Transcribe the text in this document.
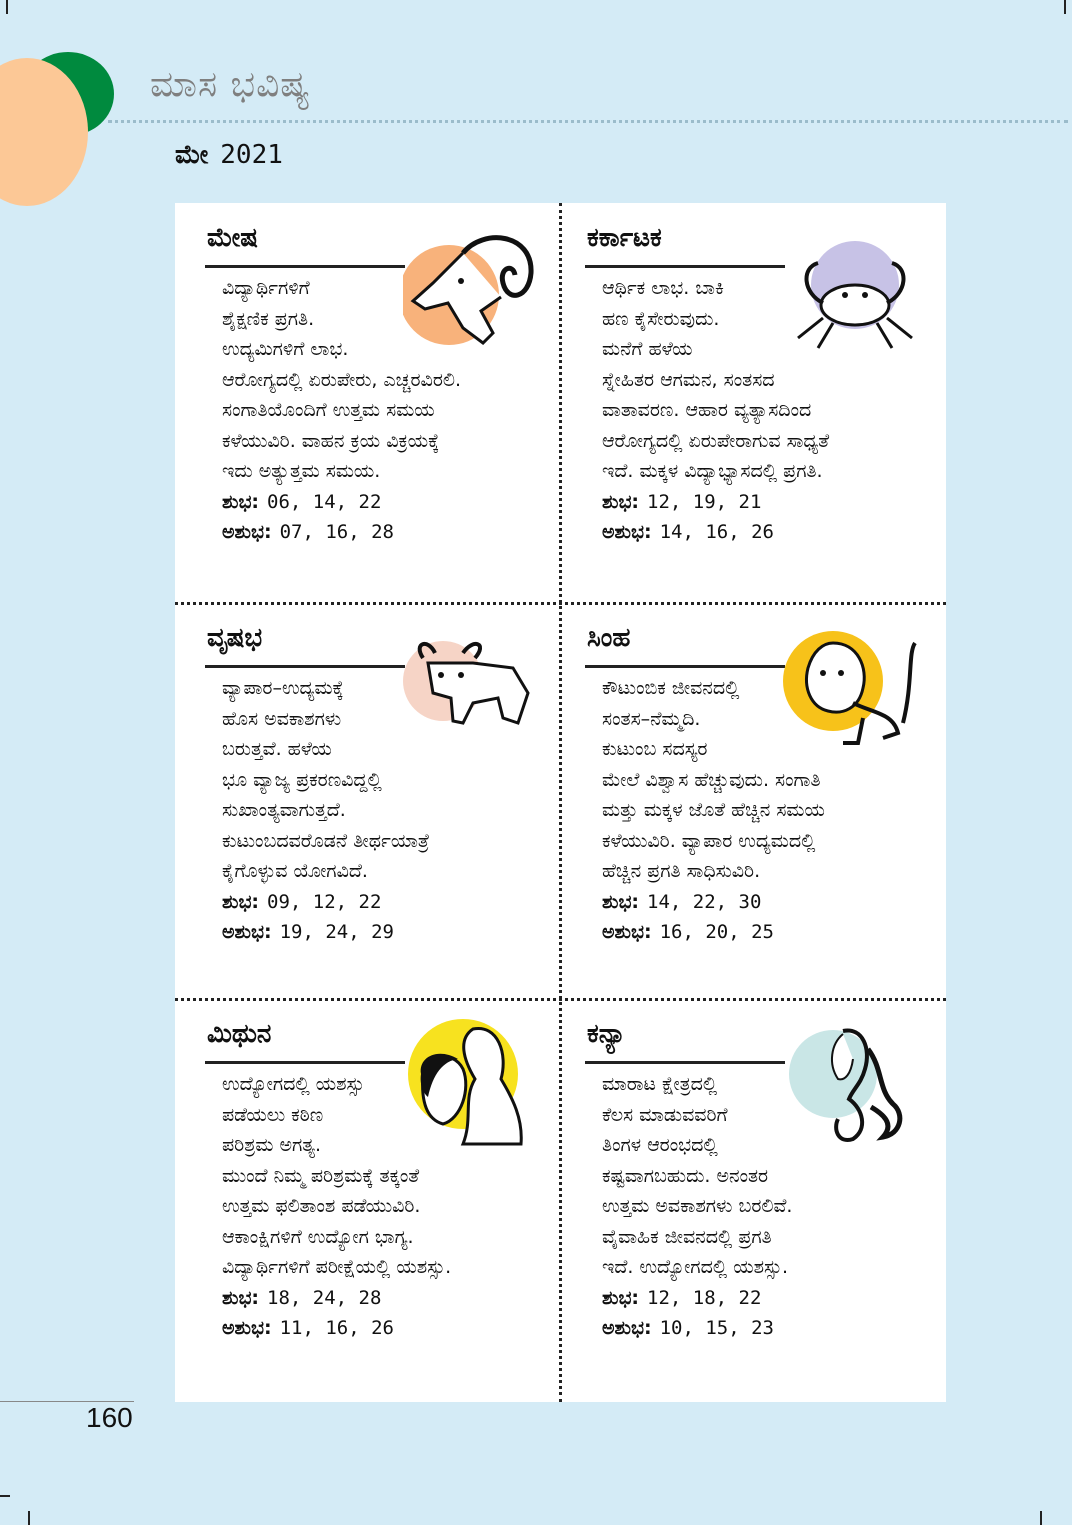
ಮಾಸ ಭವಿಷ್ಯ
ಮೇ 2021
ಮೇಷ
ವಿದ್ಯಾರ್ಥಿಗಳಿಗೆ
ಶೈಕ್ಷಣಿಕ ಪ್ರಗತಿ.
ಉದ್ಯಮಿಗಳಿಗೆ ಲಾಭ.
ಆರೋಗ್ಯದಲ್ಲಿ ಏರುಪೇರು, ಎಚ್ಚರವಿರಲಿ.
ಸಂಗಾತಿಯೊಂದಿಗೆ ಉತ್ತಮ ಸಮಯ
ಕಳೆಯುವಿರಿ. ವಾಹನ ಕ್ರಯ ವಿಕ್ರಯಕ್ಕೆ
ಇದು ಅತ್ಯುತ್ತಮ ಸಮಯ.
ಶುಭ: 06, 14, 22
ಅಶುಭ: 07, 16, 28
ಕರ್ಕಾಟಕ
ಆರ್ಥಿಕ ಲಾಭ. ಬಾಕಿ
ಹಣ ಕೈಸೇರುವುದು.
ಮನೆಗೆ ಹಳೆಯ
ಸ್ನೇಹಿತರ ಆಗಮನ, ಸಂತಸದ
ವಾತಾವರಣ. ಆಹಾರ ವ್ಯತ್ಯಾಸದಿಂದ
ಆರೋಗ್ಯದಲ್ಲಿ ಏರುಪೇರಾಗುವ ಸಾಧ್ಯತೆ
ಇದೆ. ಮಕ್ಕಳ ವಿದ್ಯಾಭ್ಯಾಸದಲ್ಲಿ ಪ್ರಗತಿ.
ಶುಭ: 12, 19, 21
ಅಶುಭ: 14, 16, 26
ವೃಷಭ
ವ್ಯಾಪಾರ–ಉದ್ಯಮಕ್ಕೆ
ಹೊಸ ಅವಕಾಶಗಳು
ಬರುತ್ತವೆ. ಹಳೆಯ
ಭೂ ವ್ಯಾಜ್ಯ ಪ್ರಕರಣವಿದ್ದಲ್ಲಿ
ಸುಖಾಂತ್ಯವಾಗುತ್ತದೆ.
ಕುಟುಂಬದವರೊಡನೆ ತೀರ್ಥಯಾತ್ರೆ
ಕೈಗೊಳ್ಳುವ ಯೋಗವಿದೆ.
ಶುಭ: 09, 12, 22
ಅಶುಭ: 19, 24, 29
ಸಿಂಹ
ಕೌಟುಂಬಿಕ ಜೀವನದಲ್ಲಿ
ಸಂತಸ–ನೆಮ್ಮದಿ.
ಕುಟುಂಬ ಸದಸ್ಯರ
ಮೇಲೆ ವಿಶ್ವಾಸ ಹೆಚ್ಚುವುದು. ಸಂಗಾತಿ
ಮತ್ತು ಮಕ್ಕಳ ಜೊತೆ ಹೆಚ್ಚಿನ ಸಮಯ
ಕಳೆಯುವಿರಿ. ವ್ಯಾಪಾರ ಉದ್ಯಮದಲ್ಲಿ
ಹೆಚ್ಚಿನ ಪ್ರಗತಿ ಸಾಧಿಸುವಿರಿ.
ಶುಭ: 14, 22, 30
ಅಶುಭ: 16, 20, 25
ಮಿಥುನ
ಉದ್ಯೋಗದಲ್ಲಿ ಯಶಸ್ಸು
ಪಡೆಯಲು ಕಠಿಣ
ಪರಿಶ್ರಮ ಅಗತ್ಯ.
ಮುಂದೆ ನಿಮ್ಮ ಪರಿಶ್ರಮಕ್ಕೆ ತಕ್ಕಂತೆ
ಉತ್ತಮ ಫಲಿತಾಂಶ ಪಡೆಯುವಿರಿ.
ಆಕಾಂಕ್ಷಿಗಳಿಗೆ ಉದ್ಯೋಗ ಭಾಗ್ಯ.
ವಿದ್ಯಾರ್ಥಿಗಳಿಗೆ ಪರೀಕ್ಷೆಯಲ್ಲಿ ಯಶಸ್ಸು.
ಶುಭ: 18, 24, 28
ಅಶುಭ: 11, 16, 26
ಕನ್ಯಾ
ಮಾರಾಟ ಕ್ಷೇತ್ರದಲ್ಲಿ
ಕೆಲಸ ಮಾಡುವವರಿಗೆ
ತಿಂಗಳ ಆರಂಭದಲ್ಲಿ
ಕಷ್ಟವಾಗಬಹುದು. ಅನಂತರ
ಉತ್ತಮ ಅವಕಾಶಗಳು ಬರಲಿವೆ.
ವೈವಾಹಿಕ ಜೀವನದಲ್ಲಿ ಪ್ರಗತಿ
ಇದೆ. ಉದ್ಯೋಗದಲ್ಲಿ ಯಶಸ್ಸು.
ಶುಭ: 12, 18, 22
ಅಶುಭ: 10, 15, 23
160
